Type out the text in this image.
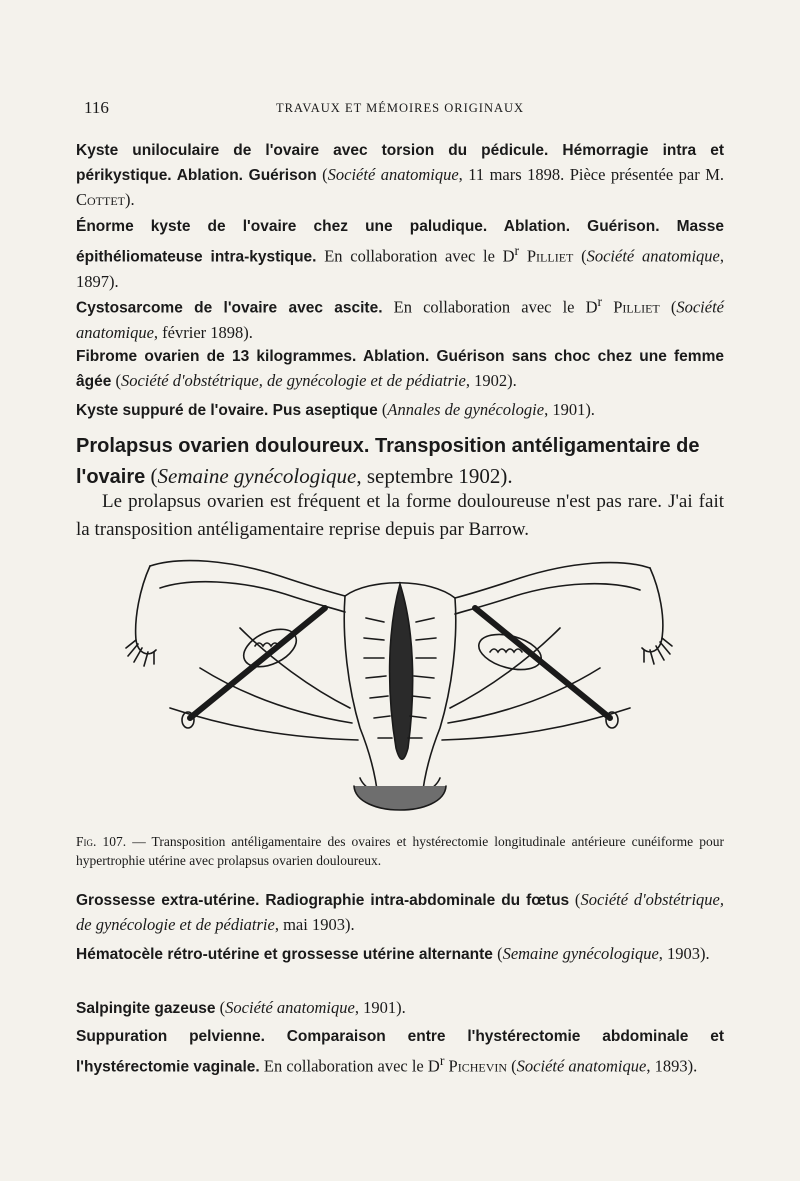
116	TRAVAUX ET MÉMOIRES ORIGINAUX
Kyste uniloculaire de l'ovaire avec torsion du pédicule. Hémorragie intra et périkystique. Ablation. Guérison (Société anatomique, 11 mars 1898. Pièce présentée par M. Cottet).
Énorme kyste de l'ovaire chez une paludique. Ablation. Guérison. Masse épithéliomateuse intra-kystique. En collaboration avec le $D^r$ Pilliet (Société anatomique, 1897).
Cystosarcome de l'ovaire avec ascite. En collaboration avec le $D^r$ Pilliet (Société anatomique, février 1898).
Fibrome ovarien de 13 kilogrammes. Ablation. Guérison sans choc chez une femme âgée (Société d'obstétrique, de gynécologie et de pédiatrie, 1902).
Kyste suppuré de l'ovaire. Pus aseptique (Annales de gynécologie, 1901).
Prolapsus ovarien douloureux. Transposition antéligamentaire de l'ovaire (Semaine gynécologique, septembre 1902).

Le prolapsus ovarien est fréquent et la forme douloureuse n'est pas rare. J'ai fait la transposition antéligamentaire reprise depuis par Barrow.

Fig. 107. — Transposition antéligamentaire des ovaires et hystérectomie longitudinale antérieure cunéiforme pour hypertrophie utérine avec prolapsus ovarien douloureux.
Grossesse extra-utérine. Radiographie intra-abdominale du fœtus (Société d'obstétrique, de gynécologie et de pédiatrie, mai 1903).
Hématocèle rétro-utérine et grossesse utérine alternante (Semaine gynécologique, 1903).
Salpingite gazeuse (Société anatomique, 1901).
Suppuration pelvienne. Comparaison entre l'hystérectomie abdominale et l'hystérectomie vaginale. En collaboration avec le $D^r$ Pichevin (Société anatomique, 1893).
